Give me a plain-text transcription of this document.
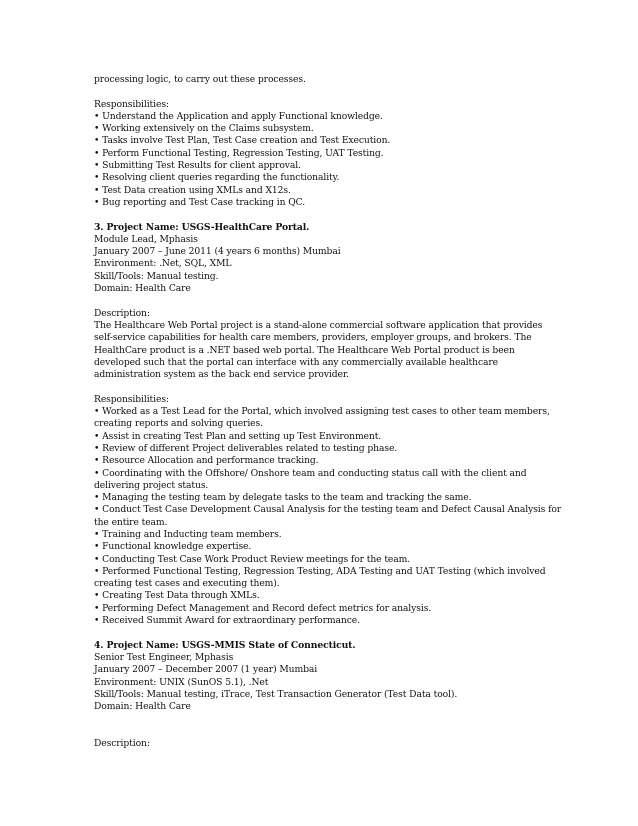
processing logic, to carry out these processes.
Responsibilities:
• Understand the Application and apply Functional knowledge.
• Working extensively on the Claims subsystem.
• Tasks involve Test Plan, Test Case creation and Test Execution.
• Perform Functional Testing, Regression Testing, UAT Testing.
• Submitting Test Results for client approval.
• Resolving client queries regarding the functionality.
• Test Data creation using XMLs and X12s.
• Bug reporting and Test Case tracking in QC.
3. Project Name: USGS-HealthCare Portal.
Module Lead, Mphasis
January 2007 – June 2011 (4 years 6 months) Mumbai
Environment: .Net, SQL, XML
Skill/Tools: Manual testing.
Domain: Health Care
Description:
The Healthcare Web Portal project is a stand-alone commercial software application that provides
self-service capabilities for health care members, providers, employer groups, and brokers. The
HealthCare product is a .NET based web portal. The Healthcare Web Portal product is been
developed such that the portal can interface with any commercially available healthcare
administration system as the back end service provider.
Responsibilities:
• Worked as a Test Lead for the Portal, which involved assigning test cases to other team members,
creating reports and solving queries.
• Assist in creating Test Plan and setting up Test Environment.
• Review of different Project deliverables related to testing phase.
• Resource Allocation and performance tracking.
• Coordinating with the Offshore/ Onshore team and conducting status call with the client and
delivering project status.
• Managing the testing team by delegate tasks to the team and tracking the same.
• Conduct Test Case Development Causal Analysis for the testing team and Defect Causal Analysis for
the entire team.
• Training and Inducting team members.
• Functional knowledge expertise.
• Conducting Test Case Work Product Review meetings for the team.
• Performed Functional Testing, Regression Testing, ADA Testing and UAT Testing (which involved
creating test cases and executing them).
• Creating Test Data through XMLs.
• Performing Defect Management and Record defect metrics for analysis.
• Received Summit Award for extraordinary performance.
4. Project Name: USGS-MMIS State of Connecticut.
Senior Test Engineer, Mphasis
January 2007 – December 2007 (1 year) Mumbai
Environment: UNIX (SunOS 5.1), .Net
Skill/Tools: Manual testing, iTrace, Test Transaction Generator (Test Data tool).
Domain: Health Care
Description:
